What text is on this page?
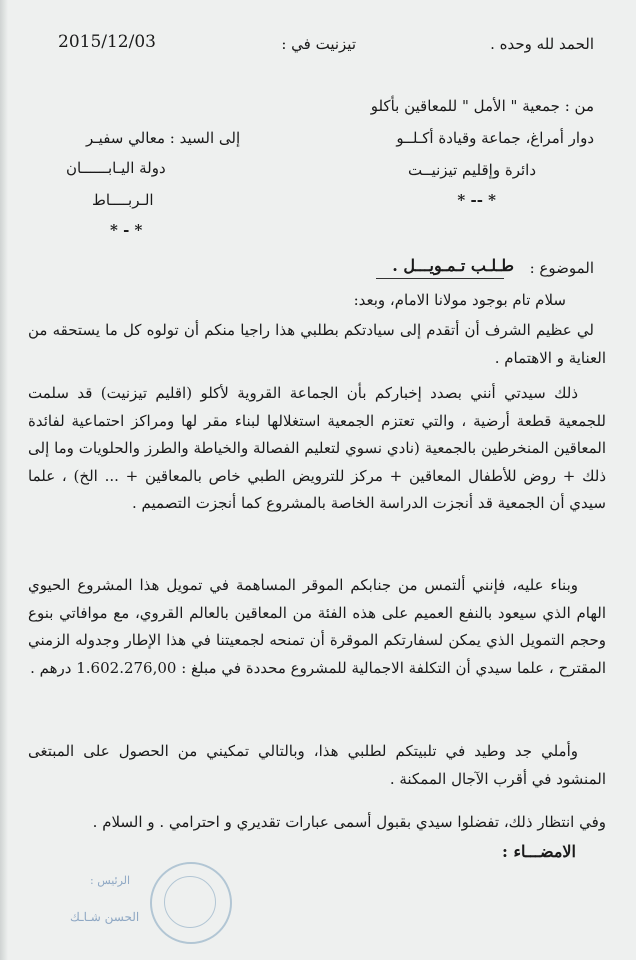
الحمد لله وحده .
تيزنيت في :
2015/12/03
من : جمعية " الأمل " للمعاقين بأكلو
دوار أمراغ، جماعة وقيادة أكـلــو
دائرة وإقليم تيزنيــت
* -- *
إلى السيد : معالي سفيـر
دولة اليـابــــــان
الـربــــاط
* - *
الموضوع :
طـلـب تـمـويـــل .
سلام تام بوجود مولانا الامام، وبعد:
لي عظيم الشرف أن أتقدم إلى سيادتكم بطلبي هذا راجيا منكم أن تولوه كل ما يستحقه من العناية و الاهتمام .
ذلك سيدتي أنني بصدد إخباركم بأن الجماعة القروية لأكلو (اقليم تيزنيت) قد سلمت للجمعية قطعة أرضية ، والتي تعتزم الجمعية استغلالها لبناء مقر لها ومراكز احتماعية لفائدة المعاقين المنخرطين بالجمعية (نادي نسوي لتعليم الفصالة والخياطة والطرز والحلويات وما إلى ذلك + روض للأطفال المعاقين + مركز للترويض الطبي خاص بالمعاقين + ... الخ) ، علما سيدي أن الجمعية قد أنجزت الدراسة الخاصة بالمشروع كما أنجزت التصميم .
وبناء عليه، فإنني ألتمس من جنابكم الموقر المساهمة في تمويل هذا المشروع الحيوي الهام الذي سيعود بالنفع العميم على هذه الفئة من المعاقين بالعالم القروي، مع موافاتي بنوع وحجم التمويل الذي يمكن لسفارتكم الموقرة أن تمنحه لجمعيتنا في هذا الإطار وجدوله الزمني المقترح ، علما سيدي أن التكلفة الاجمالية للمشروع محددة في مبلغ : 1.602.276,00 درهم .
وأملي جد وطيد في تلبيتكم لطلبي هذا، وبالتالي تمكيني من الحصول على المبتغى المنشود في أقرب الآجال الممكنة .
وفي انتظار ذلك، تفضلوا سيدي بقبول أسمى عبارات تقديري و احترامي . و السلام .
الامضـــاء :
الرئيس :
الحسن شـاـك
